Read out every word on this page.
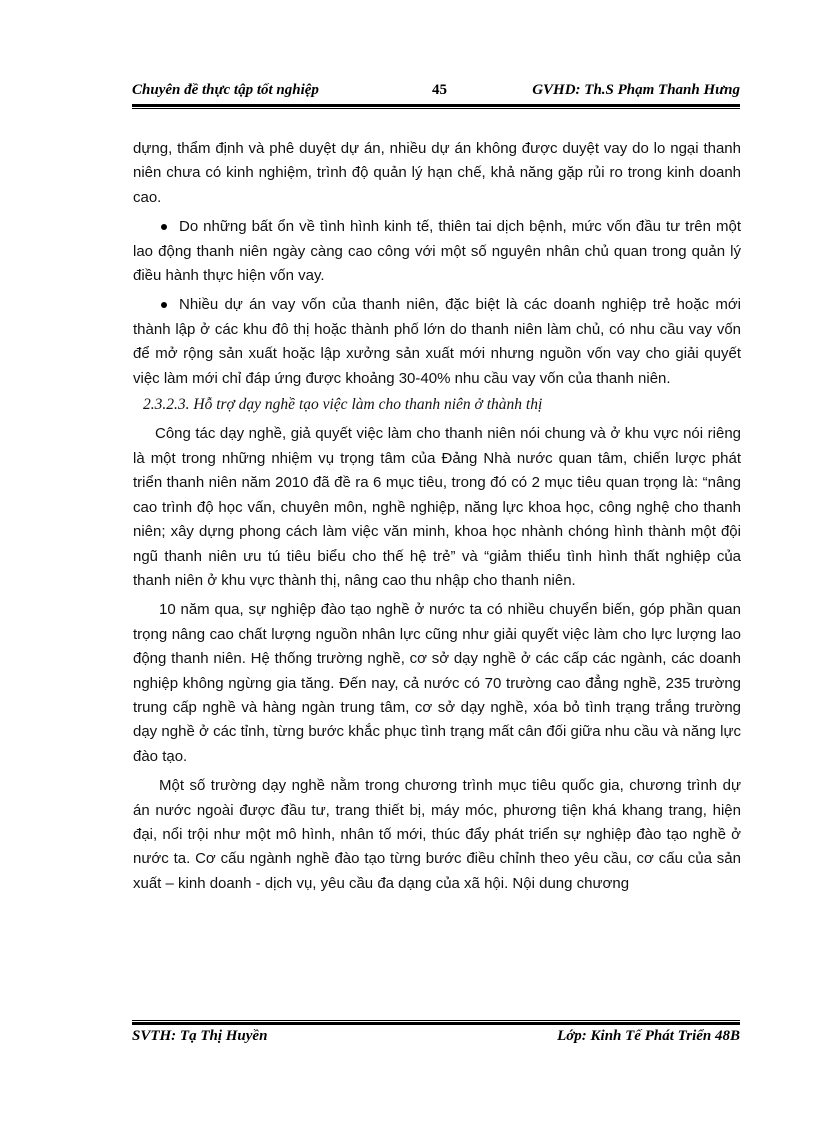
Chuyên đề thực tập tốt nghiệp	45	GVHD: Th.S Phạm Thanh Hưng

dựng, thẩm định và phê duyệt dự án, nhiều dự án không được duyệt vay do lo ngại thanh niên chưa có kinh nghiệm, trình độ quản lý hạn chế, khả năng gặp rủi ro trong kinh doanh cao.

Do những bất ổn về tình hình kinh tế, thiên tai dịch bệnh, mức vốn đầu tư trên một lao động thanh niên ngày càng cao công với một số nguyên nhân chủ quan trong quản lý điều hành thực hiện vốn vay.

Nhiều dự án vay vốn của thanh niên, đặc biệt là các doanh nghiệp trẻ hoặc mới thành lập ở các khu đô thị hoặc thành phố lớn do thanh niên làm chủ, có nhu cầu vay vốn để mở rộng sản xuất hoặc lập xưởng sản xuất mới nhưng nguồn vốn vay cho giải quyết việc làm mới chỉ đáp ứng được khoảng 30-40% nhu cầu vay vốn của thanh niên.

2.3.2.3. Hỗ trợ dạy nghề tạo việc làm cho thanh niên ở thành thị

Công tác dạy nghề, giả quyết việc làm cho thanh niên nói chung và ở khu vực nói riêng là một trong những nhiệm vụ trọng tâm của Đảng Nhà nước quan tâm, chiến lược phát triển thanh niên năm 2010 đã đề ra 6 mục tiêu, trong đó có 2 mục tiêu quan trọng là: “nâng cao trình độ học vấn, chuyên môn, nghề nghiệp, năng lực khoa học, công nghệ cho thanh niên; xây dựng phong cách làm việc văn minh, khoa học nhành chóng hình thành một đội ngũ thanh niên ưu tú tiêu biểu cho thế hệ trẻ” và “giảm thiểu tình hình thất nghiệp của thanh niên ở khu vực thành thị, nâng cao thu nhập cho thanh niên.

10 năm qua, sự nghiệp đào tạo nghề ở nước ta có nhiều chuyển biến, góp phần quan trọng nâng cao chất lượng nguồn nhân lực cũng như giải quyết việc làm cho lực lượng lao động thanh niên. Hệ thống trường nghề, cơ sở dạy nghề ở các cấp các ngành, các doanh nghiệp không ngừng gia tăng. Đến nay, cả nước có 70 trường cao đẳng nghề, 235 trường trung cấp nghề và hàng ngàn trung tâm, cơ sở dạy nghề, xóa bỏ tình trạng trắng trường dạy nghề ở các tỉnh, từng bước khắc phục tình trạng mất cân đối giữa nhu cầu và năng lực đào tạo.

Một số trường dạy nghề nằm trong chương trình mục tiêu quốc gia, chương trình dự án nước ngoài được đầu tư, trang thiết bị, máy móc, phương tiện khá khang trang, hiện đại, nổi trội như một mô hình, nhân tố mới, thúc đẩy phát triển sự nghiệp đào tạo nghề ở nước ta. Cơ cấu ngành nghề đào tạo từng bước điều chỉnh theo yêu cầu, cơ cấu của sản xuất – kinh doanh - dịch vụ, yêu cầu đa dạng của xã hội. Nội dung chương

SVTH: Tạ Thị Huyền	Lớp: Kinh Tế Phát Triển 48B
